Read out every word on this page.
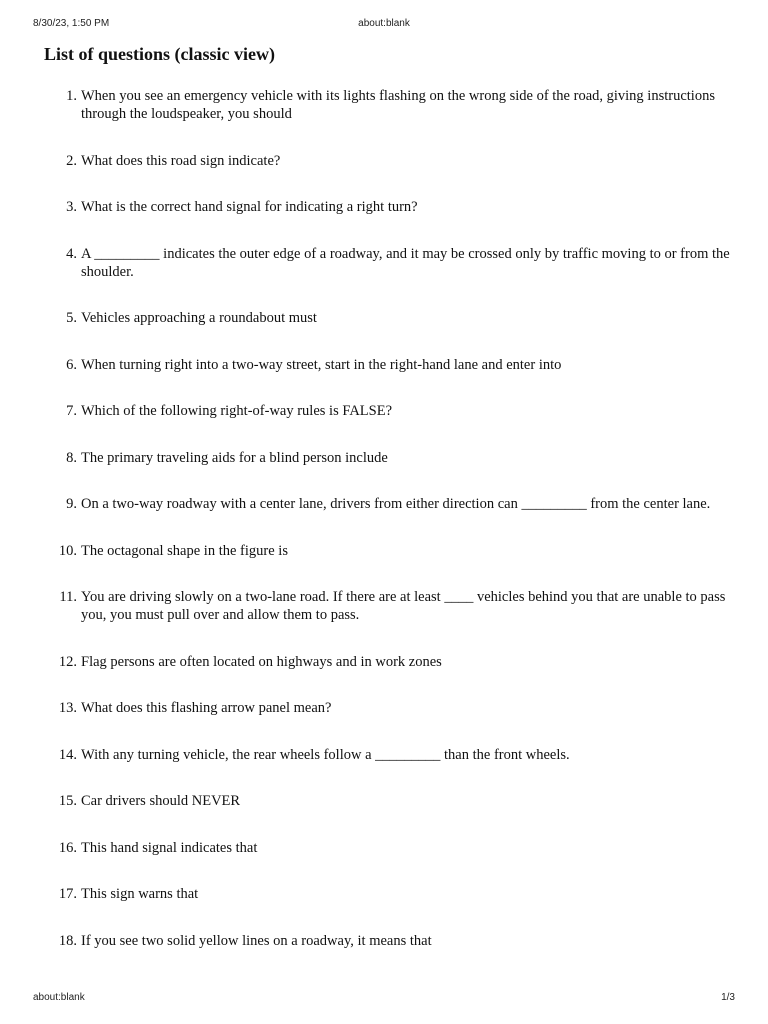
8/30/23, 1:50 PM	about:blank
List of questions (classic view)
1. When you see an emergency vehicle with its lights flashing on the wrong side of the road, giving instructions through the loudspeaker, you should
2. What does this road sign indicate?
3. What is the correct hand signal for indicating a right turn?
4. A _________ indicates the outer edge of a roadway, and it may be crossed only by traffic moving to or from the shoulder.
5. Vehicles approaching a roundabout must
6. When turning right into a two-way street, start in the right-hand lane and enter into
7. Which of the following right-of-way rules is FALSE?
8. The primary traveling aids for a blind person include
9. On a two-way roadway with a center lane, drivers from either direction can _________ from the center lane.
10. The octagonal shape in the figure is
11. You are driving slowly on a two-lane road. If there are at least ____ vehicles behind you that are unable to pass you, you must pull over and allow them to pass.
12. Flag persons are often located on highways and in work zones
13. What does this flashing arrow panel mean?
14. With any turning vehicle, the rear wheels follow a _________ than the front wheels.
15. Car drivers should NEVER
16. This hand signal indicates that
17. This sign warns that
18. If you see two solid yellow lines on a roadway, it means that
about:blank	1/3
